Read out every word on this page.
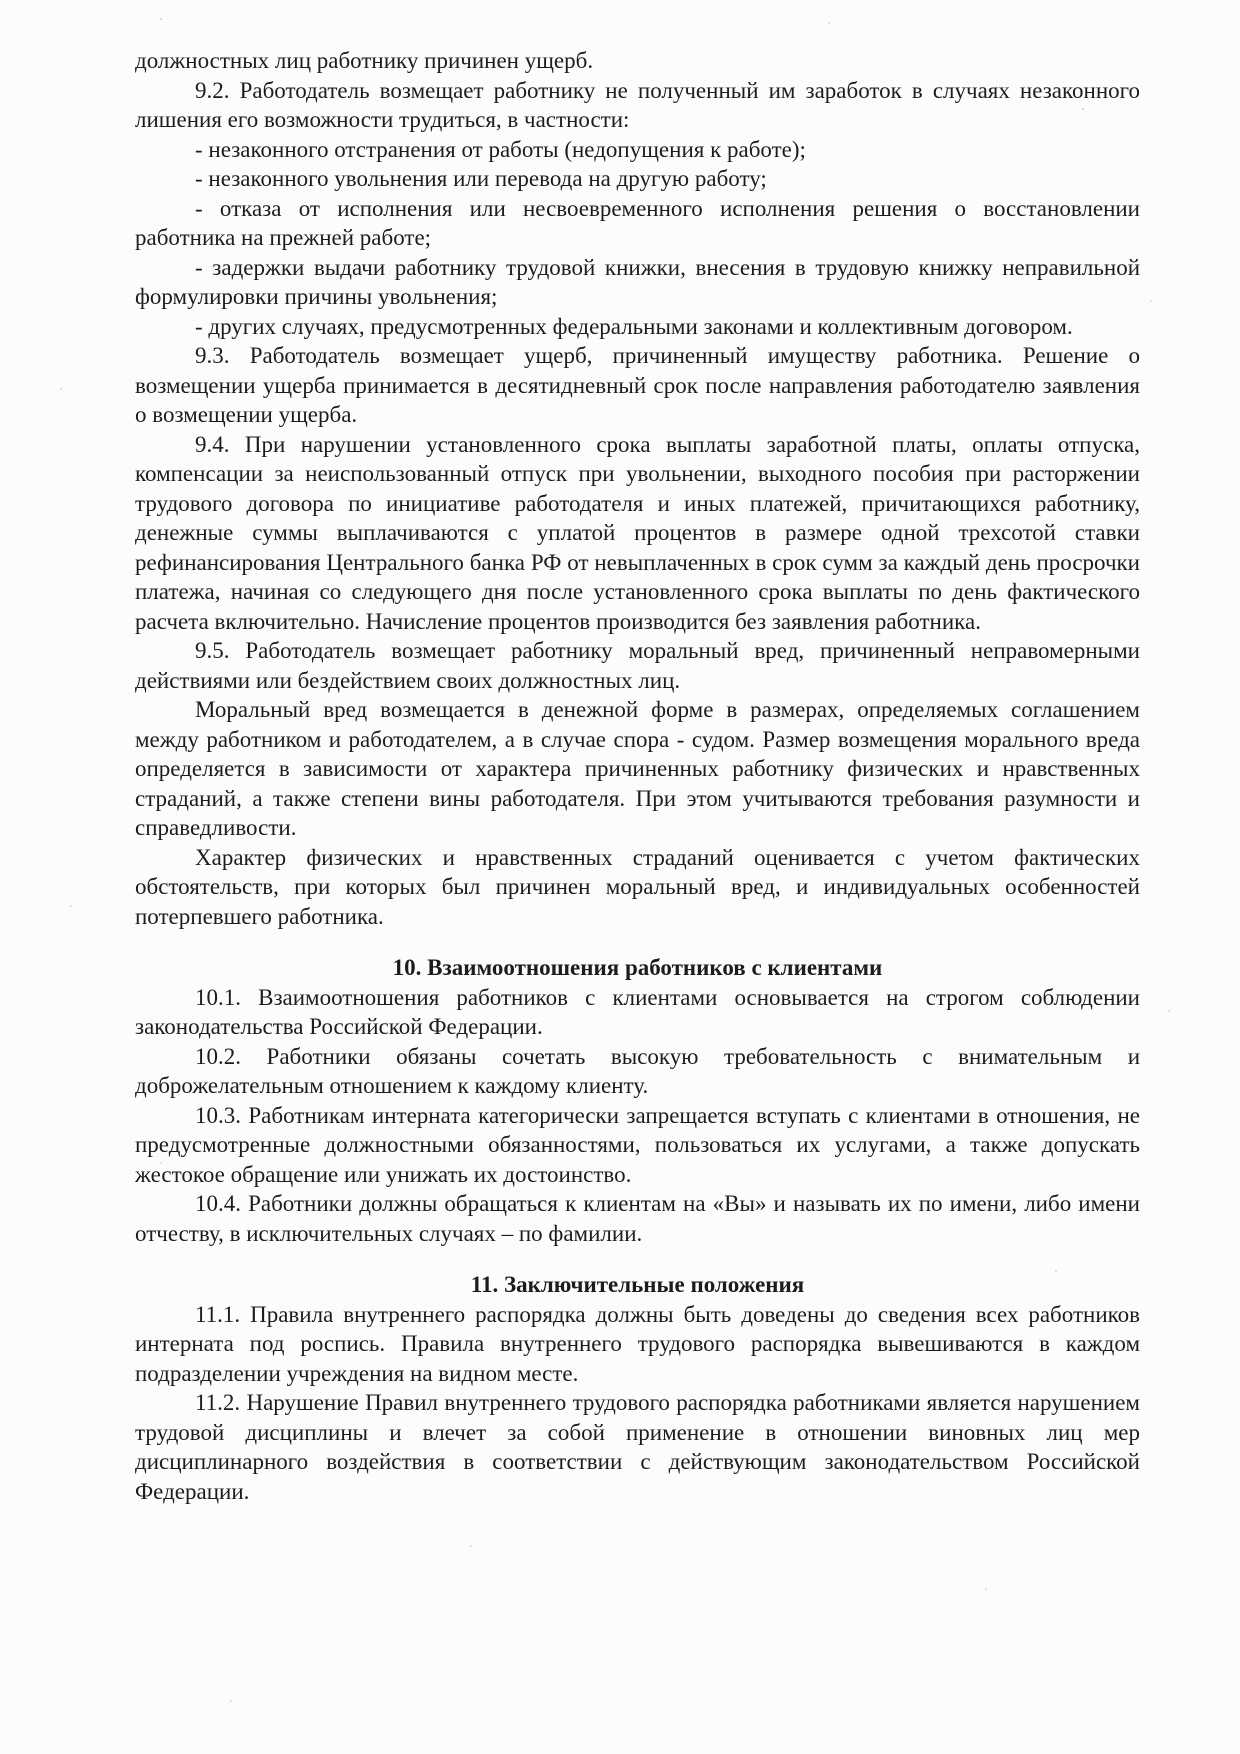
должностных лиц работнику причинен ущерб.

9.2. Работодатель возмещает работнику не полученный им заработок в случаях незаконного лишения его возможности трудиться, в частности:

- незаконного отстранения от работы (недопущения к работе);

- незаконного увольнения или перевода на другую работу;

- отказа от исполнения или несвоевременного исполнения решения о восстановлении работника на прежней работе;

- задержки выдачи работнику трудовой книжки, внесения в трудовую книжку неправильной формулировки причины увольнения;

- других случаях, предусмотренных федеральными законами и коллективным договором.

9.3. Работодатель возмещает ущерб, причиненный имуществу работника. Решение о возмещении ущерба принимается в десятидневный срок после направления работодателю заявления о возмещении ущерба.

9.4. При нарушении установленного срока выплаты заработной платы, оплаты отпуска, компенсации за неиспользованный отпуск при увольнении, выходного пособия при расторжении трудового договора по инициативе работодателя и иных платежей, причитающихся работнику, денежные суммы выплачиваются с уплатой процентов в размере одной трехсотой ставки рефинансирования Центрального банка РФ от невыплаченных в срок сумм за каждый день просрочки платежа, начиная со следующего дня после установленного срока выплаты по день фактического расчета включительно. Начисление процентов производится без заявления работника.

9.5. Работодатель возмещает работнику моральный вред, причиненный неправомерными действиями или бездействием своих должностных лиц.

Моральный вред возмещается в денежной форме в размерах, определяемых соглашением между работником и работодателем, а в случае спора - судом. Размер возмещения морального вреда определяется в зависимости от характера причиненных работнику физических и нравственных страданий, а также степени вины работодателя. При этом учитываются требования разумности и справедливости.

Характер физических и нравственных страданий оценивается с учетом фактических обстоятельств, при которых был причинен моральный вред, и индивидуальных особенностей потерпевшего работника.

10. Взаимоотношения работников с клиентами

10.1. Взаимоотношения работников с клиентами основывается на строгом соблюдении законодательства Российской Федерации.

10.2. Работники обязаны сочетать высокую требовательность с внимательным и доброжелательным отношением к каждому клиенту.

10.3. Работникам интерната категорически запрещается вступать с клиентами в отношения, не предусмотренные должностными обязанностями, пользоваться их услугами, а также допускать жестокое обращение или унижать их достоинство.

10.4. Работники должны обращаться к клиентам на «Вы» и называть их по имени, либо имени отчеству, в исключительных случаях – по фамилии.

11. Заключительные положения

11.1. Правила внутреннего распорядка должны быть доведены до сведения всех работников интерната под роспись. Правила внутреннего трудового распорядка вывешиваются в каждом подразделении учреждения на видном месте.

11.2. Нарушение Правил внутреннего трудового распорядка работниками является нарушением трудовой дисциплины и влечет за собой применение в отношении виновных лиц мер дисциплинарного воздействия в соответствии с действующим законодательством Российской Федерации.
